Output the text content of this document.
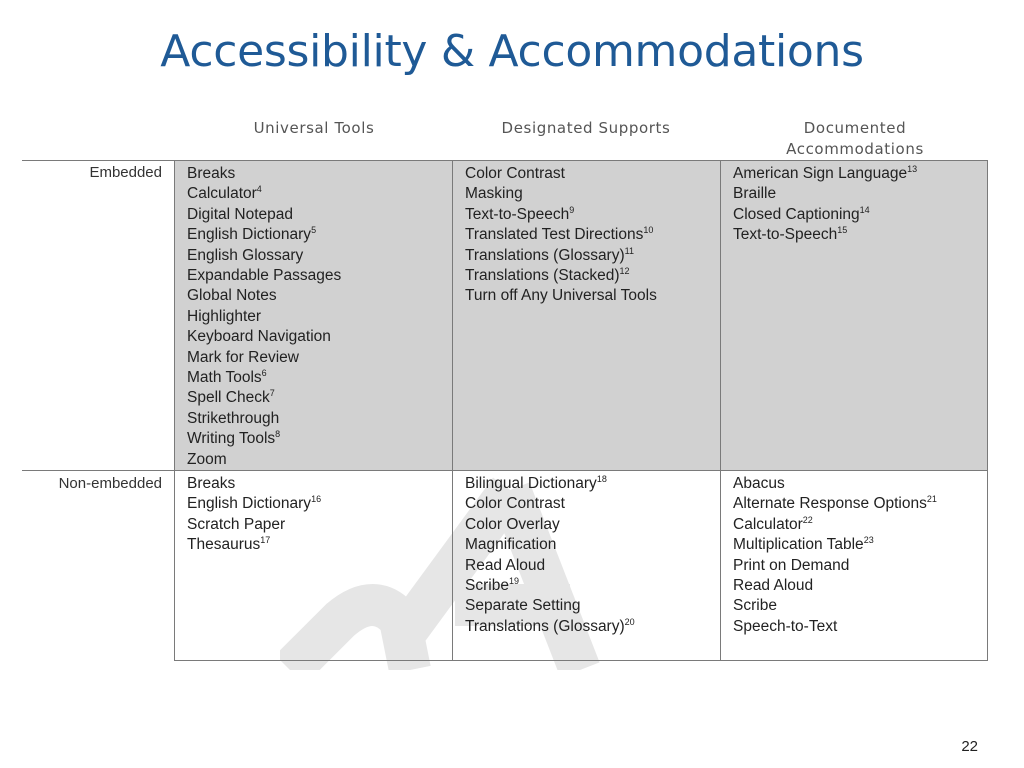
Accessibility & Accommodations
Universal Tools	Designated Supports	Documented Accommodations
Embedded
Non-embedded
Breaks
Calculator$^4$
Digital Notepad
English Dictionary$^5$
English Glossary
Expandable Passages
Global Notes
Highlighter
Keyboard Navigation
Mark for Review
Math Tools$^6$
Spell Check$^7$
Strikethrough
Writing Tools$^8$
Zoom
Color Contrast
Masking
Text-to-Speech$^9$
Translated Test Directions$^{10}$
Translations (Glossary)$^{11}$
Translations (Stacked)$^{12}$
Turn off Any Universal Tools
American Sign Language$^{13}$
Braille
Closed Captioning$^{14}$
Text-to-Speech$^{15}$
Breaks
English Dictionary$^{16}$
Scratch Paper
Thesaurus$^{17}$
Bilingual Dictionary$^{18}$
Color Contrast
Color Overlay
Magnification
Read Aloud
Scribe$^{19}$
Separate Setting
Translations (Glossary)$^{20}$
Abacus
Alternate Response Options$^{21}$
Calculator$^{22}$
Multiplication Table$^{23}$
Print on Demand
Read Aloud
Scribe
Speech-to-Text
22
